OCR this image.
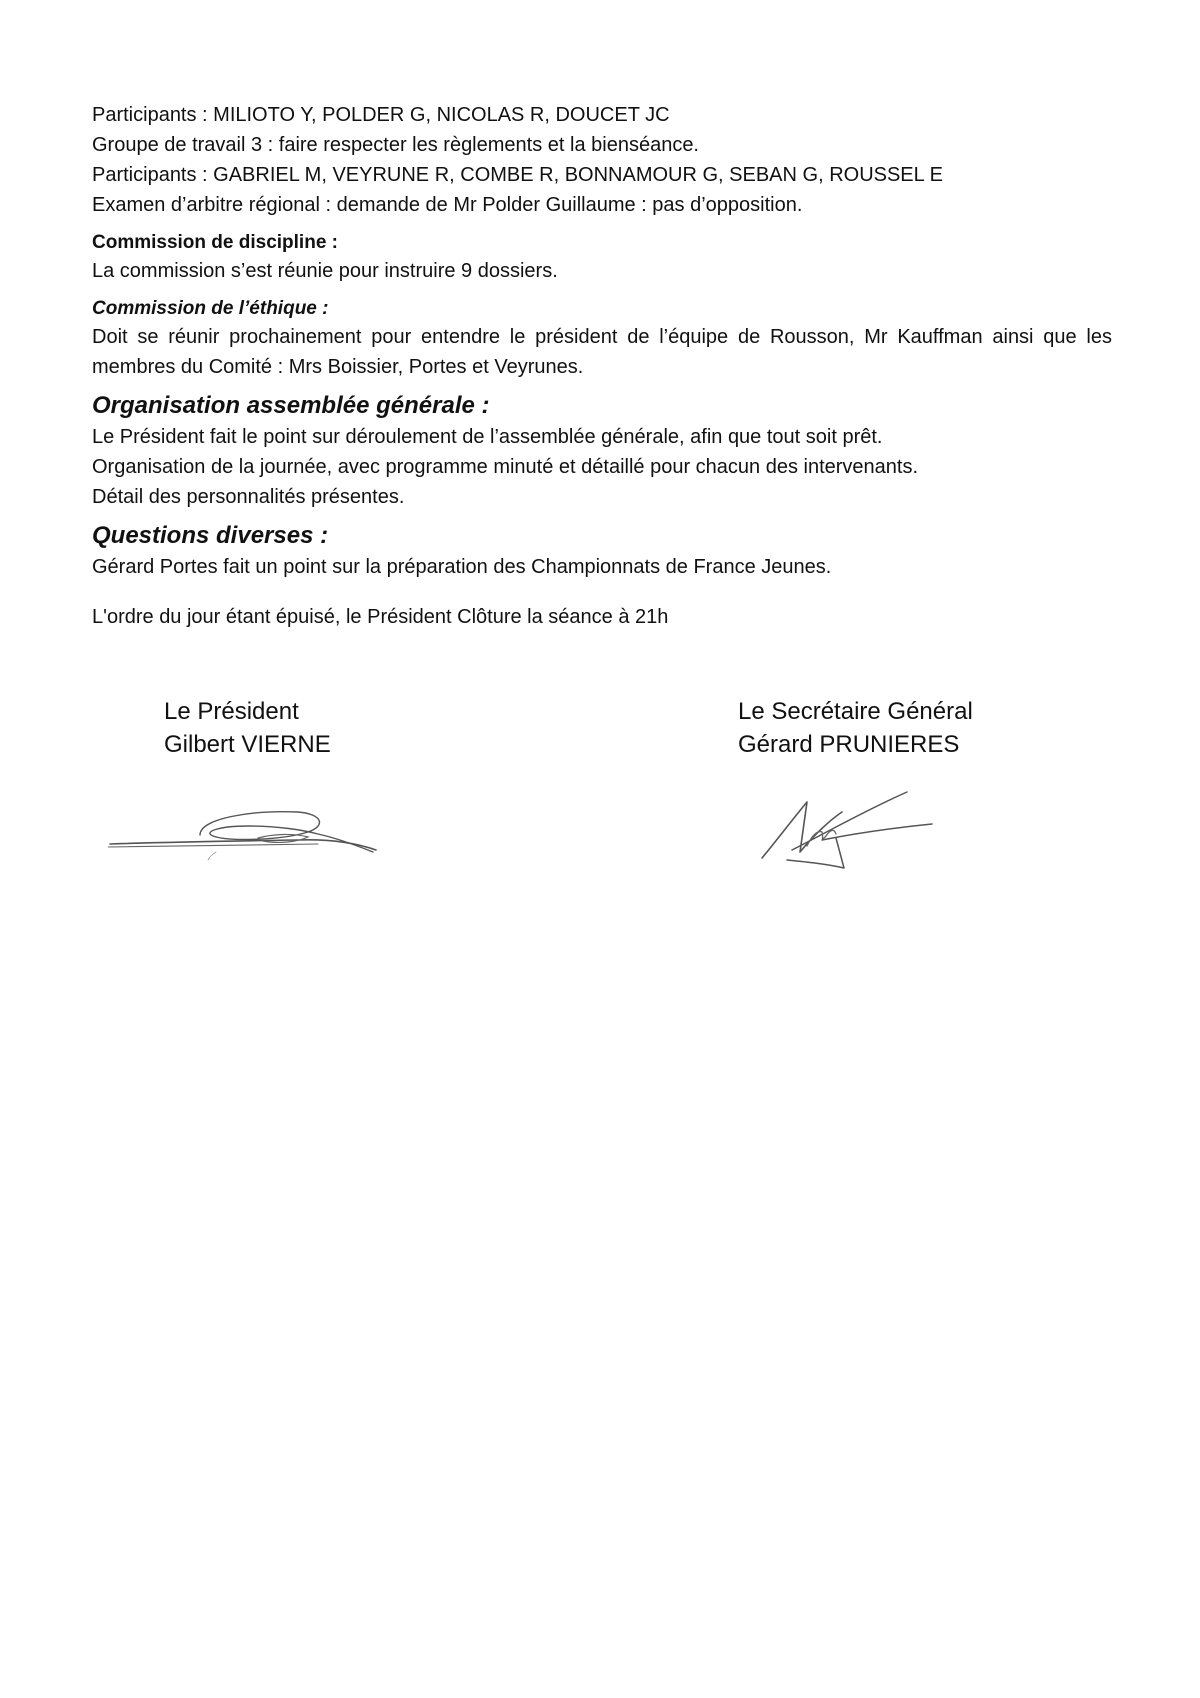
Participants : MILIOTO Y, POLDER G, NICOLAS R, DOUCET JC
Groupe de travail 3 : faire respecter les règlements et la bienséance.
Participants : GABRIEL M, VEYRUNE R, COMBE R, BONNAMOUR G, SEBAN G, ROUSSEL E
Examen d’arbitre régional : demande de Mr Polder Guillaume : pas d’opposition.
Commission de discipline :
La commission s’est réunie pour instruire 9 dossiers.
Commission de l’éthique :
Doit se réunir prochainement pour entendre le président de l’équipe de Rousson, Mr Kauffman ainsi que les membres du Comité : Mrs Boissier, Portes et Veyrunes.
Organisation assemblée générale :
Le Président fait le point sur déroulement de l’assemblée générale, afin que tout soit prêt.
Organisation de la journée, avec programme minuté et détaillé pour chacun des intervenants.
Détail des personnalités présentes.
Questions diverses :
Gérard Portes fait un point sur la préparation des Championnats de France Jeunes.
L'ordre du jour étant épuisé, le Président Clôture la séance à 21h
Le Président
Gilbert VIERNE
Le Secrétaire Général
Gérard PRUNIERES
